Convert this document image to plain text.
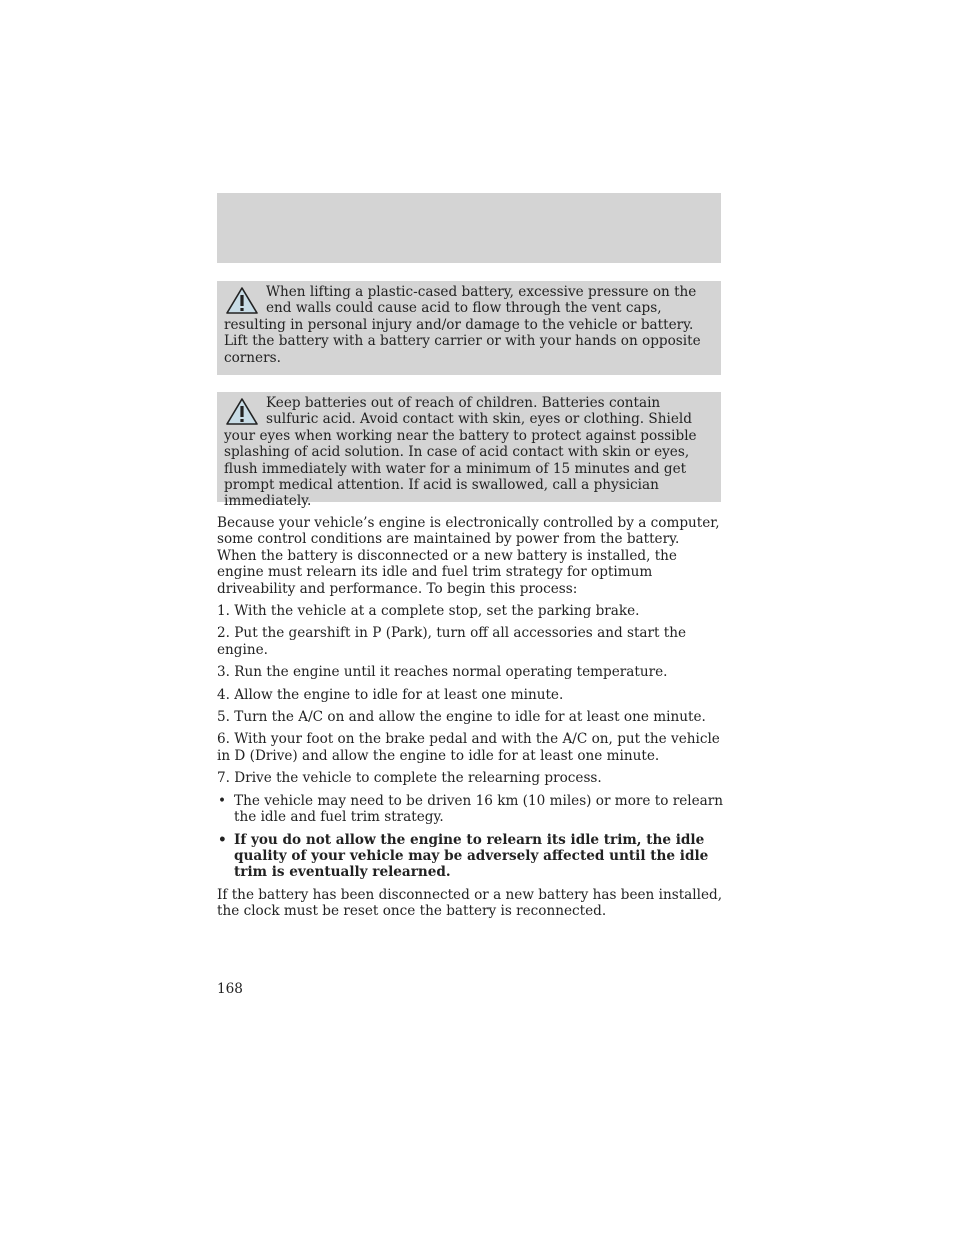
When lifting a plastic-cased battery, excessive pressure on the end walls could cause acid to flow through the vent caps, resulting in personal injury and/or damage to the vehicle or battery. Lift the battery with a battery carrier or with your hands on opposite corners.
Keep batteries out of reach of children. Batteries contain sulfuric acid. Avoid contact with skin, eyes or clothing. Shield your eyes when working near the battery to protect against possible splashing of acid solution. In case of acid contact with skin or eyes, flush immediately with water for a minimum of 15 minutes and get prompt medical attention. If acid is swallowed, call a physician immediately.

Because your vehicle’s engine is electronically controlled by a computer, some control conditions are maintained by power from the battery. When the battery is disconnected or a new battery is installed, the engine must relearn its idle and fuel trim strategy for optimum driveability and performance. To begin this process:

1. With the vehicle at a complete stop, set the parking brake.
2. Put the gearshift in P (Park), turn off all accessories and start the engine.
3. Run the engine until it reaches normal operating temperature.
4. Allow the engine to idle for at least one minute.
5. Turn the A/C on and allow the engine to idle for at least one minute.
6. With your foot on the brake pedal and with the A/C on, put the vehicle in D (Drive) and allow the engine to idle for at least one minute.
7. Drive the vehicle to complete the relearning process.
• The vehicle may need to be driven 16 km (10 miles) or more to relearn the idle and fuel trim strategy.
• If you do not allow the engine to relearn its idle trim, the idle quality of your vehicle may be adversely affected until the idle trim is eventually relearned.

If the battery has been disconnected or a new battery has been installed, the clock must be reset once the battery is reconnected.

168
